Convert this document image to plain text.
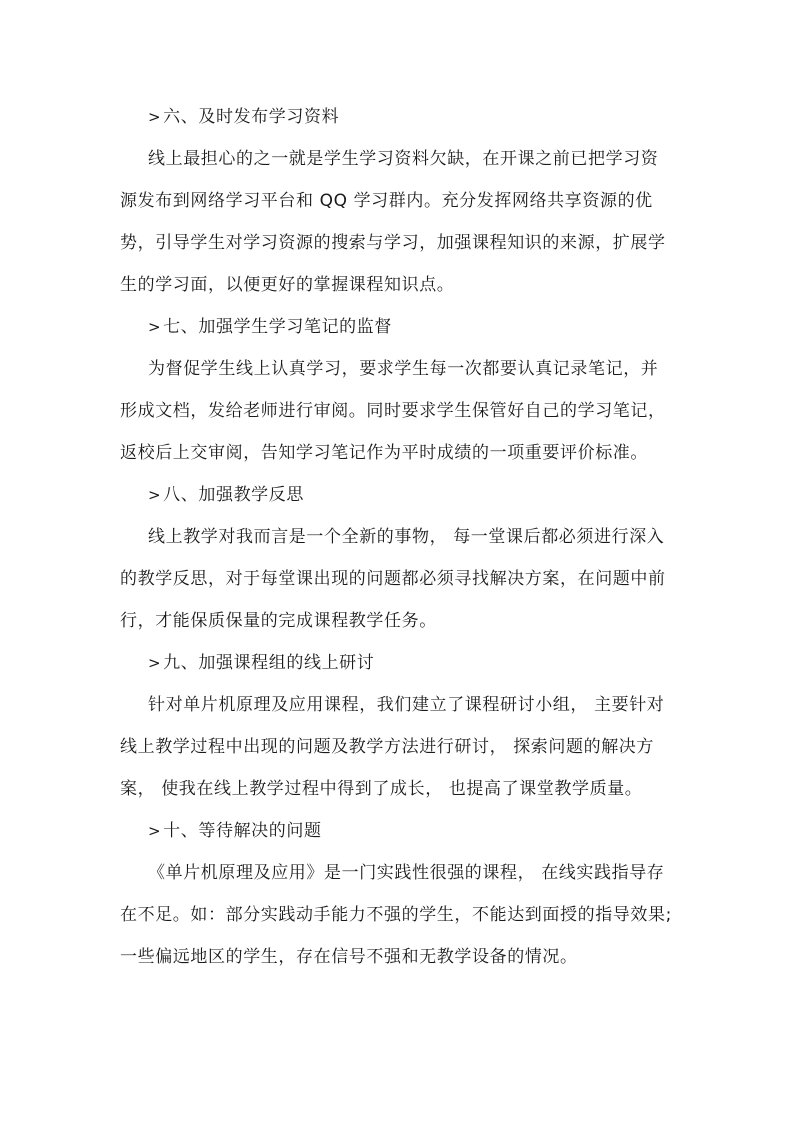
> 六、及时发布学习资料
线上最担心的之一就是学生学习资料欠缺，在开课之前已把学习资
源发布到网络学习平台和 QQ 学习群内。充分发挥网络共享资源的优
势，引导学生对学习资源的搜索与学习，加强课程知识的来源，扩展学
生的学习面，以便更好的掌握课程知识点。
> 七、加强学生学习笔记的监督
为督促学生线上认真学习，要求学生每一次都要认真记录笔记，并
形成文档，发给老师进行审阅。同时要求学生保管好自己的学习笔记，
返校后上交审阅，告知学习笔记作为平时成绩的一项重要评价标准。
> 八、加强教学反思
线上教学对我而言是一个全新的事物， 每一堂课后都必须进行深入
的教学反思，对于每堂课出现的问题都必须寻找解决方案，在问题中前
行，才能保质保量的完成课程教学任务。
> 九、加强课程组的线上研讨
针对单片机原理及应用课程，我们建立了课程研讨小组， 主要针对
线上教学过程中出现的问题及教学方法进行研讨， 探索问题的解决方
案， 使我在线上教学过程中得到了成长， 也提高了课堂教学质量。
> 十、等待解决的问题
《单片机原理及应用》是一门实践性很强的课程， 在线实践指导存
在不足。如：部分实践动手能力不强的学生，不能达到面授的指导效果;
一些偏远地区的学生，存在信号不强和无教学设备的情况。
